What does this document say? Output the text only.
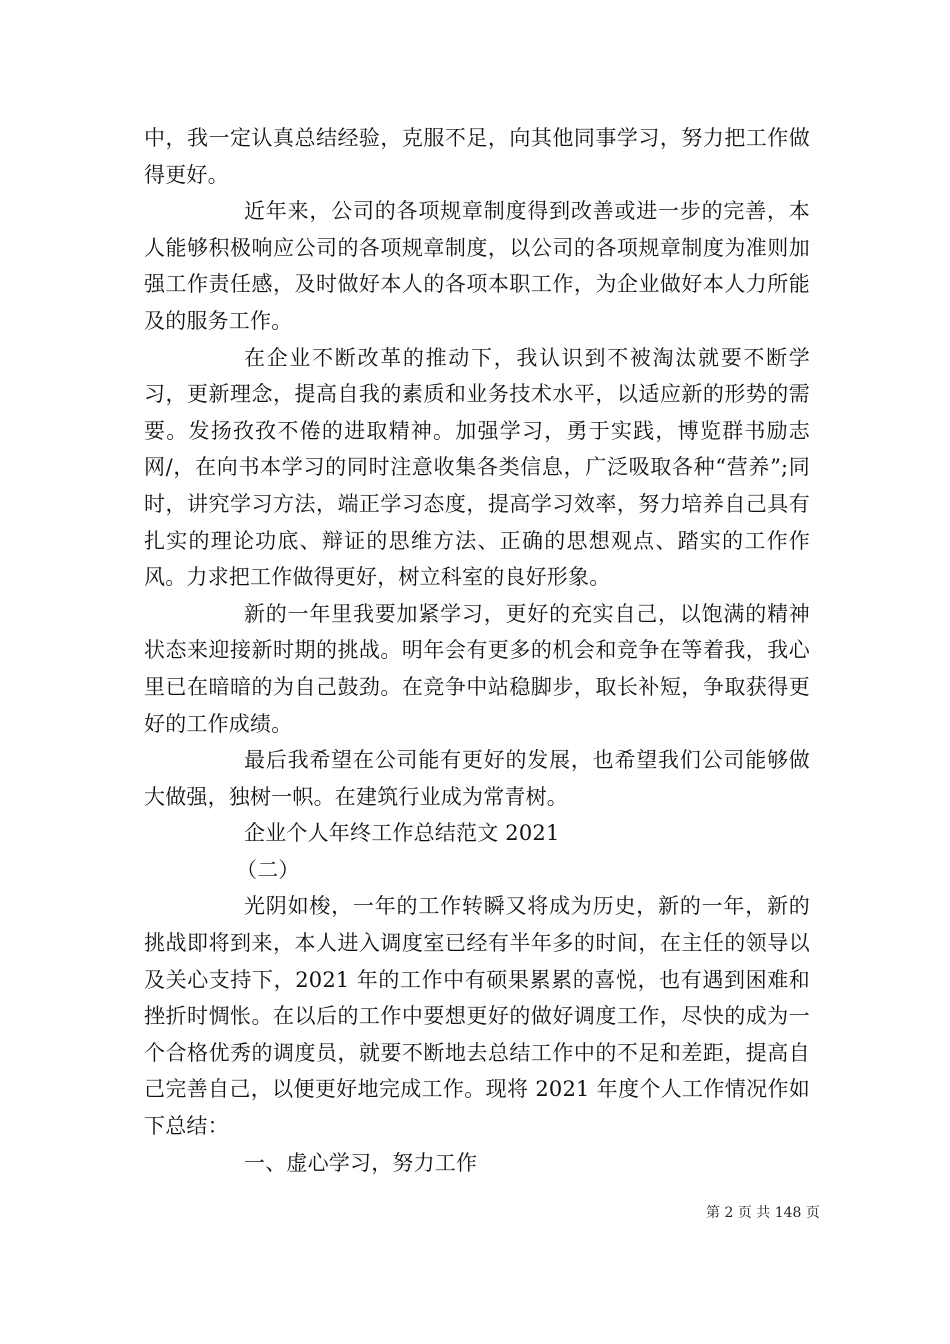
中，我一定认真总结经验，克服不足，向其他同事学习，努力把工作做得更好。

近年来，公司的各项规章制度得到改善或进一步的完善，本人能够积极响应公司的各项规章制度，以公司的各项规章制度为准则加强工作责任感，及时做好本人的各项本职工作，为企业做好本人力所能及的服务工作。

在企业不断改革的推动下，我认识到不被淘汰就要不断学习，更新理念，提高自我的素质和业务技术水平，以适应新的形势的需要。发扬孜孜不倦的进取精神。加强学习，勇于实践，博览群书励志网/，在向书本学习的同时注意收集各类信息，广泛吸取各种“营养”;同时，讲究学习方法，端正学习态度，提高学习效率，努力培养自己具有扎实的理论功底、辩证的思维方法、正确的思想观点、踏实的工作作风。力求把工作做得更好，树立科室的良好形象。

新的一年里我要加紧学习，更好的充实自己，以饱满的精神状态来迎接新时期的挑战。明年会有更多的机会和竞争在等着我，我心里已在暗暗的为自己鼓劲。在竞争中站稳脚步，取长补短，争取获得更好的工作成绩。

最后我希望在公司能有更好的发展，也希望我们公司能够做大做强，独树一帜。在建筑行业成为常青树。

企业个人年终工作总结范文 2021

（二）

光阴如梭，一年的工作转瞬又将成为历史，新的一年，新的挑战即将到来，本人进入调度室已经有半年多的时间，在主任的领导以及关心支持下，2021 年的工作中有硕果累累的喜悦，也有遇到困难和挫折时惆怅。在以后的工作中要想更好的做好调度工作，尽快的成为一个合格优秀的调度员，就要不断地去总结工作中的不足和差距，提高自己完善自己，以便更好地完成工作。现将 2021 年度个人工作情况作如下总结：

一、虚心学习，努力工作

第 2 页 共 148 页
